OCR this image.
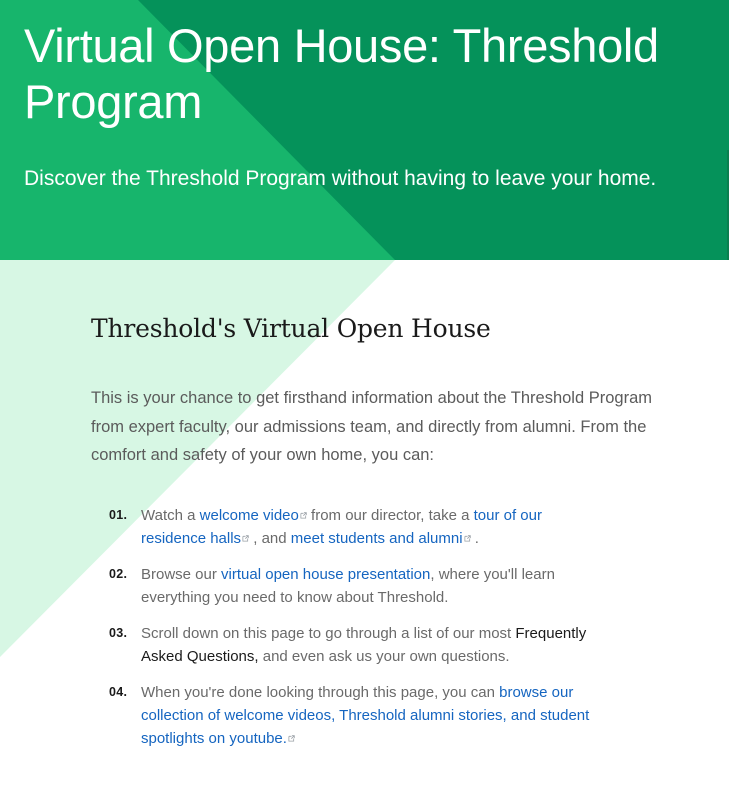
Virtual Open House: Threshold Program

Discover the Threshold Program without having to leave your home.

Threshold's Virtual Open House

This is your chance to get firsthand information about the Threshold Program from expert faculty, our admissions team, and directly from alumni. From the comfort and safety of your own home, you can:

01. Watch a welcome video from our director, take a tour of our residence halls , and meet students and alumni .
02. Browse our virtual open house presentation, where you'll learn everything you need to know about Threshold.
03. Scroll down on this page to go through a list of our most Frequently Asked Questions, and even ask us your own questions.
04. When you're done looking through this page, you can browse our collection of welcome videos, Threshold alumni stories, and student spotlights on youtube.
